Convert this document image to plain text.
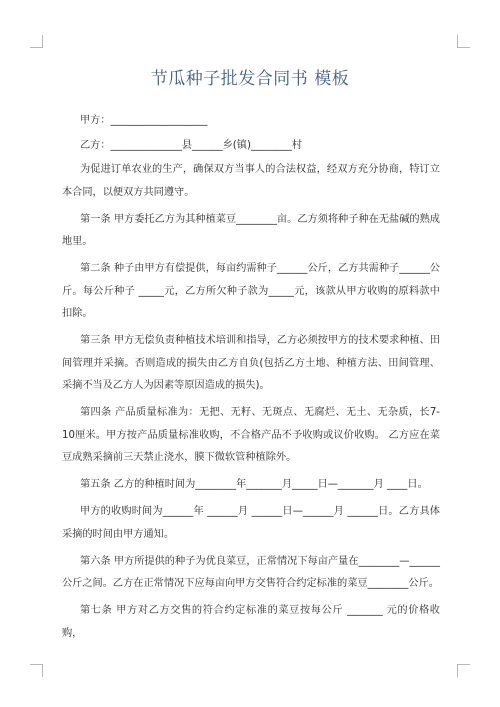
节瓜种子批发合同书 模板
甲方：___________________
乙方：______________县______乡(镇)________村

为促进订单农业的生产，确保双方当事人的合法权益，经双方充分协商，特订立本合同，以便双方共同遵守。

第一条 甲方委托乙方为其种植菜豆________亩。乙方须将种子种在无盐碱的熟成地里。

第二条 种子由甲方有偿提供，每亩约需种子______公斤，乙方共需种子______公斤。每公斤种子 _____元，乙方所欠种子款为_____元，该款从甲方收购的原料款中扣除。

第三条 甲方无偿负责种植技术培训和指导，乙方必须按甲方的技术要求种植、田间管理并采摘。否则造成的损失由乙方自负(包括乙方土地、种植方法、田间管理、采摘不当及乙方人为因素等原因造成的损失)。

第四条 产品质量标准为：无把、无籽、无斑点、无腐烂、无土、无杂质，长7-10厘米。甲方按产品质量标准收购，不合格产品不予收购或议价收购。 乙方应在菜豆成熟采摘前三天禁止浇水，膜下微软管种植除外。

第五条 乙方的种植时间为________年_______月_____日—_______月 ____日。

甲方的收购时间为______年 ______月 ______日—______月 ______日。乙方具体采摘的时间由甲方通知。

第六条 甲方所提供的种子为优良菜豆，正常情况下每亩产量在________—______公斤之间。乙方在正常情况下应每亩向甲方交售符合约定标准的菜豆________公斤。

第七条 甲方对乙方交售的符合约定标准的菜豆按每公斤 _______ 元的价格收购，
